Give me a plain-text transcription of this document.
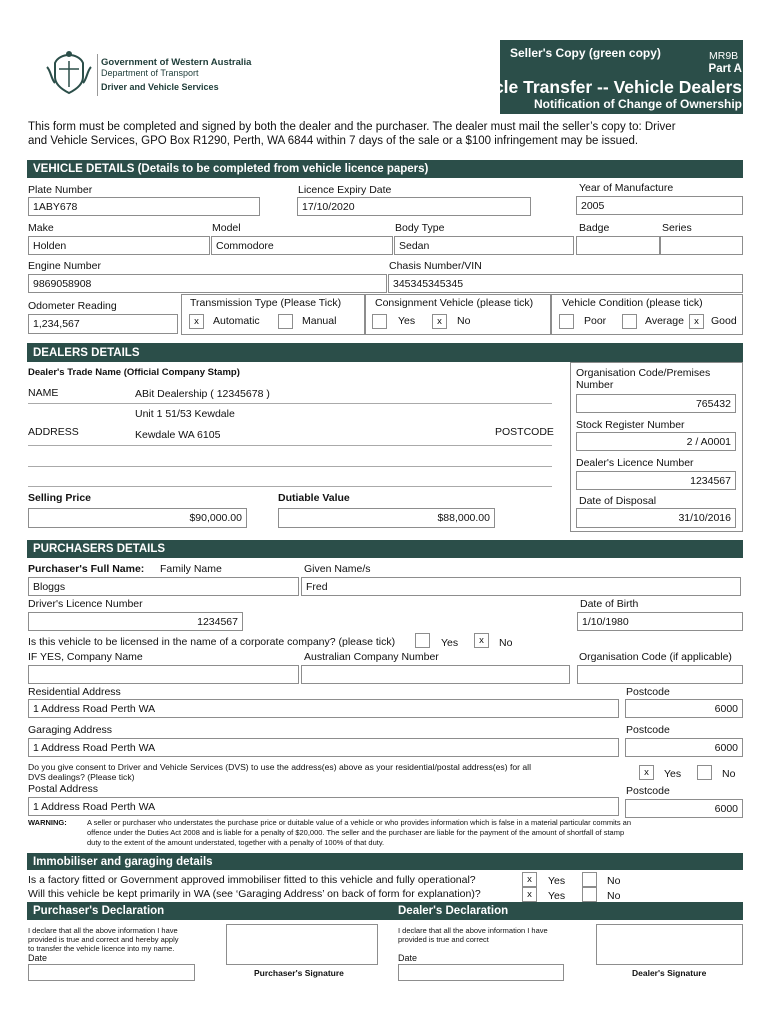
Government of Western Australia
Department of Transport
Driver and Vehicle Services
Seller's Copy (green copy)	MR9B
Part A
Vehicle Transfer -- Vehicle Dealers
Notification of Change of Ownership
This form must be completed and signed by both the dealer and the purchaser. The dealer must mail the seller’s copy to: Driver
and Vehicle Services, GPO Box R1290, Perth, WA 6844 within 7 days of the sale or a $100 infringement may be issued.
VEHICLE DETAILS (Details to be completed from vehicle licence papers)
Plate Number
1ABY678
Licence Expiry Date
17/10/2020
Year of Manufacture
2005
Make
Holden
Model
Commodore
Body Type
Sedan
Badge	Series
Engine Number
9869058908
Chasis Number/VIN
345345345345
Odometer Reading
1,234,567
Transmission Type (Please Tick)
x	Automatic	Manual
Consignment Vehicle (please tick)
Yes	x	No
Vehicle Condition (please tick)
Poor	Average	x	Good
DEALERS DETAILS
Dealer's Trade Name (Official Company Stamp)
NAME	ABit Dealership ( 12345678 )
Unit 1 51/53 Kewdale
ADDRESS	Kewdale WA 6105	POSTCODE
Organisation Code/Premises
Number
765432
Stock Register Number
2 / A0001
Dealer's Licence Number
1234567
Date of Disposal
31/10/2016
Selling Price
$90,000.00
Dutiable Value
$88,000.00
PURCHASERS DETAILS
Purchaser's Full Name: Family Name	Given Name/s
Bloggs	Fred
Driver's Licence Number
1234567
Date of Birth
1/10/1980
Is this vehicle to be licensed in the name of a corporate company? (please tick)	Yes	x	No
IF YES, Company Name	Australian Company Number	Organisation Code (if applicable)
Residential Address	Postcode
1 Address Road Perth WA	6000
Garaging Address	Postcode
1 Address Road Perth WA	6000
Do you give consent to Driver and Vehicle Services (DVS) to use the address(es) above as your residential/postal address(es) for all
DVS dealings? (Please tick)	x	Yes	No
Postal Address	Postcode
1 Address Road Perth WA	6000
WARNING:	A seller or purchaser who understates the purchase price or duitable value of a vehicle or who provides information which is false in a material particular commits an
offence under the Duties Act 2008 and is liable for a penalty of $20,000. The seller and the purchaser are liable for the payment of the amount of shortfall of stamp
duty to the extent of the amount understated, together with a penalty of 100% of that duty.
Immobiliser and garaging details
Is a factory fitted or Government approved immobiliser fitted to this vehicle and fully operational?	x	Yes	No
Will this vehicle be kept primarily in WA (see ‘Garaging Address’ on back of form for explanation)?	x	Yes	No
Purchaser's Declaration	Dealer's Declaration
I declare that all the above information I have
provided is true and correct and hereby apply
to transfer the vehicle licence into my name.
Date
Purchaser's Signature
I declare that all the above information I have
provided is true and correct
Date
Dealer's Signature
